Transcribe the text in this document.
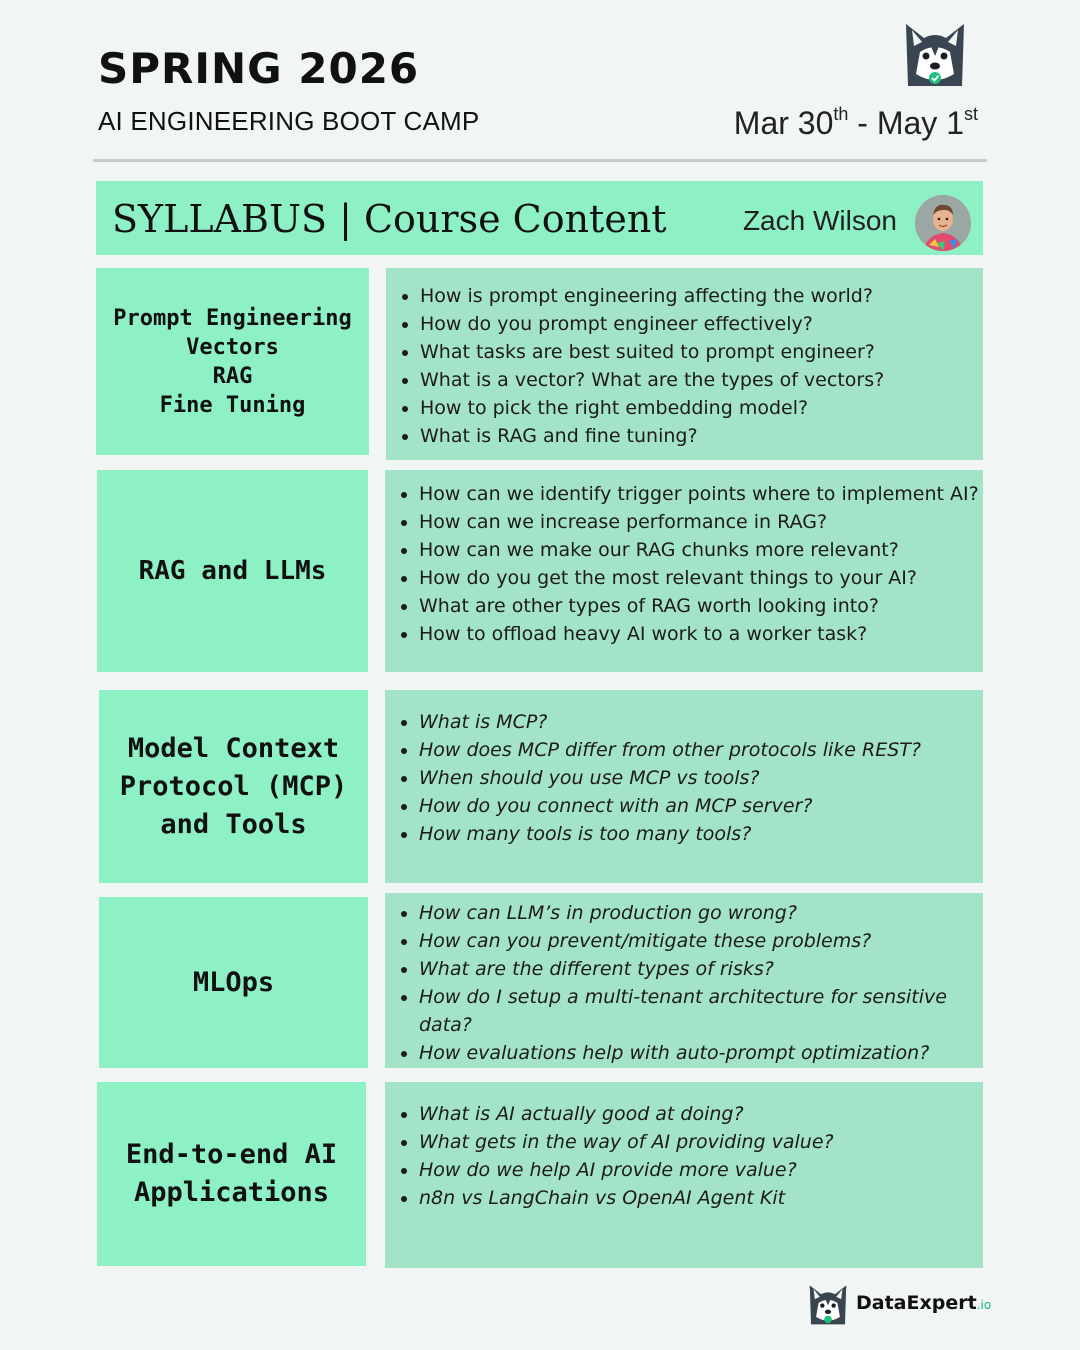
SPRING 2026
AI ENGINEERING BOOT CAMP	Mar 30th - May 1st
SYLLABUS | Course Content	Zach Wilson
Prompt Engineering
Vectors
RAG
Fine Tuning
• How is prompt engineering affecting the world?
• How do you prompt engineer effectively?
• What tasks are best suited to prompt engineer?
• What is a vector? What are the types of vectors?
• How to pick the right embedding model?
• What is RAG and fine tuning?
RAG and LLMs
• How can we identify trigger points where to implement AI?
• How can we increase performance in RAG?
• How can we make our RAG chunks more relevant?
• How do you get the most relevant things to your AI?
• What are other types of RAG worth looking into?
• How to offload heavy AI work to a worker task?
Model Context
Protocol (MCP)
and Tools
• What is MCP?
• How does MCP differ from other protocols like REST?
• When should you use MCP vs tools?
• How do you connect with an MCP server?
• How many tools is too many tools?
MLOps
• How can LLM’s in production go wrong?
• How can you prevent/mitigate these problems?
• What are the different types of risks?
• How do I setup a multi-tenant architecture for sensitive data?
• How evaluations help with auto-prompt optimization?
End-to-end AI
Applications
• What is AI actually good at doing?
• What gets in the way of AI providing value?
• How do we help AI provide more value?
• n8n vs LangChain vs OpenAI Agent Kit
DataExpert.io
